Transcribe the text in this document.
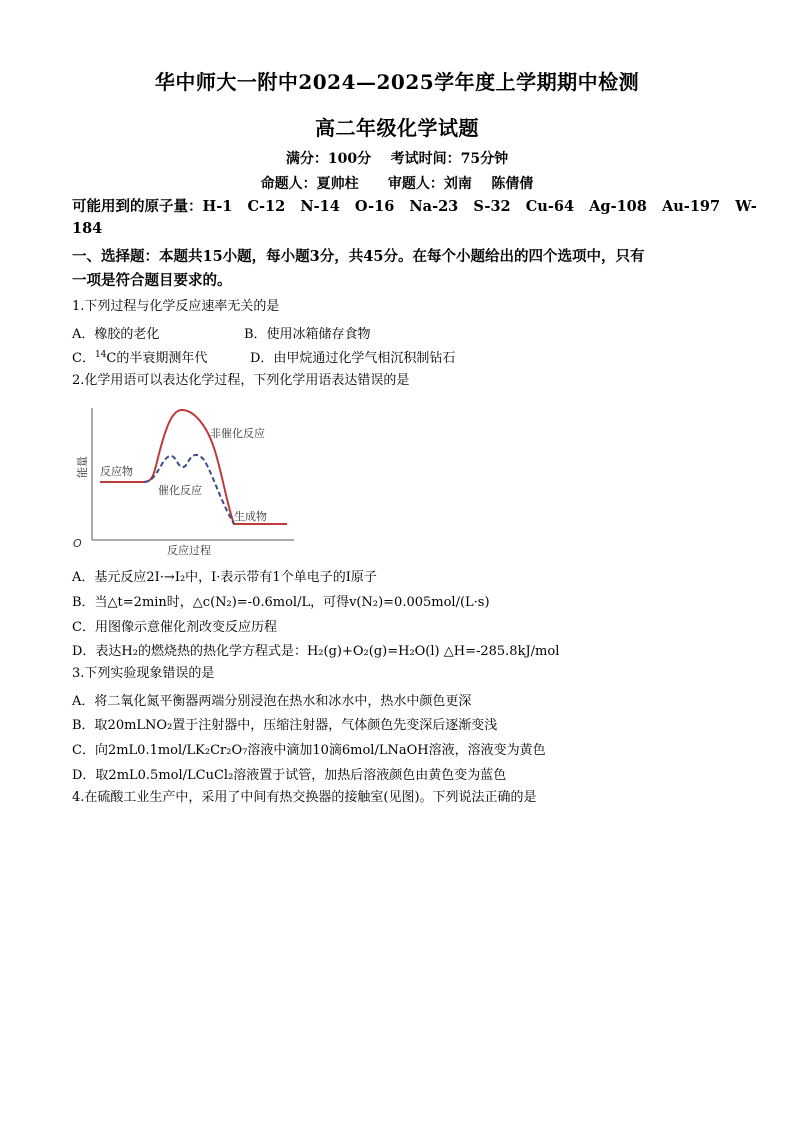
华中师大一附中2024—2025学年度上学期期中检测
高二年级化学试题
满分：100分    考试时间：75分钟
命题人：夏帅柱      审题人：刘南    陈倩倩
可能用到的原子量：H-1   C-12   N-14   O-16   Na-23   S-32   Cu-64   Ag-108   Au-197   W-
184
一、选择题：本题共15小题，每小题3分，共45分。在每个小题给出的四个选项中，只有
一项是符合题目要求的。
1.下列过程与化学反应速率无关的是
A．橡胶的老化	B．使用冰箱储存食物
C．$^{14}$C的半衰期测年代	D．由甲烷通过化学气相沉积制钻石
2.化学用语可以表达化学过程，下列化学用语表达错误的是
能量
O
反应过程
反应物
生成物
非催化反应
催化反应
A．基元反应2I·→I₂中，I·表示带有1个单电子的I原子
B．当△t=2min时，△c(N₂)=-0.6mol/L，可得v(N₂)=0.005mol/(L·s)
C．用图像示意催化剂改变反应历程
D．表达H₂的燃烧热的热化学方程式是：H₂(g)+O₂(g)=H₂O(l) △H=-285.8kJ/mol
3.下列实验现象错误的是
A．将二氧化氮平衡器两端分别浸泡在热水和冰水中，热水中颜色更深
B．取20mLNO₂置于注射器中，压缩注射器，气体颜色先变深后逐渐变浅
C．向2mL0.1mol/LK₂Cr₂O₇溶液中滴加10滴6mol/LNaOH溶液，溶液变为黄色
D．取2mL0.5mol/LCuCl₂溶液置于试管，加热后溶液颜色由黄色变为蓝色
4.在硫酸工业生产中，采用了中间有热交换器的接触室(见图)。下列说法正确的是
